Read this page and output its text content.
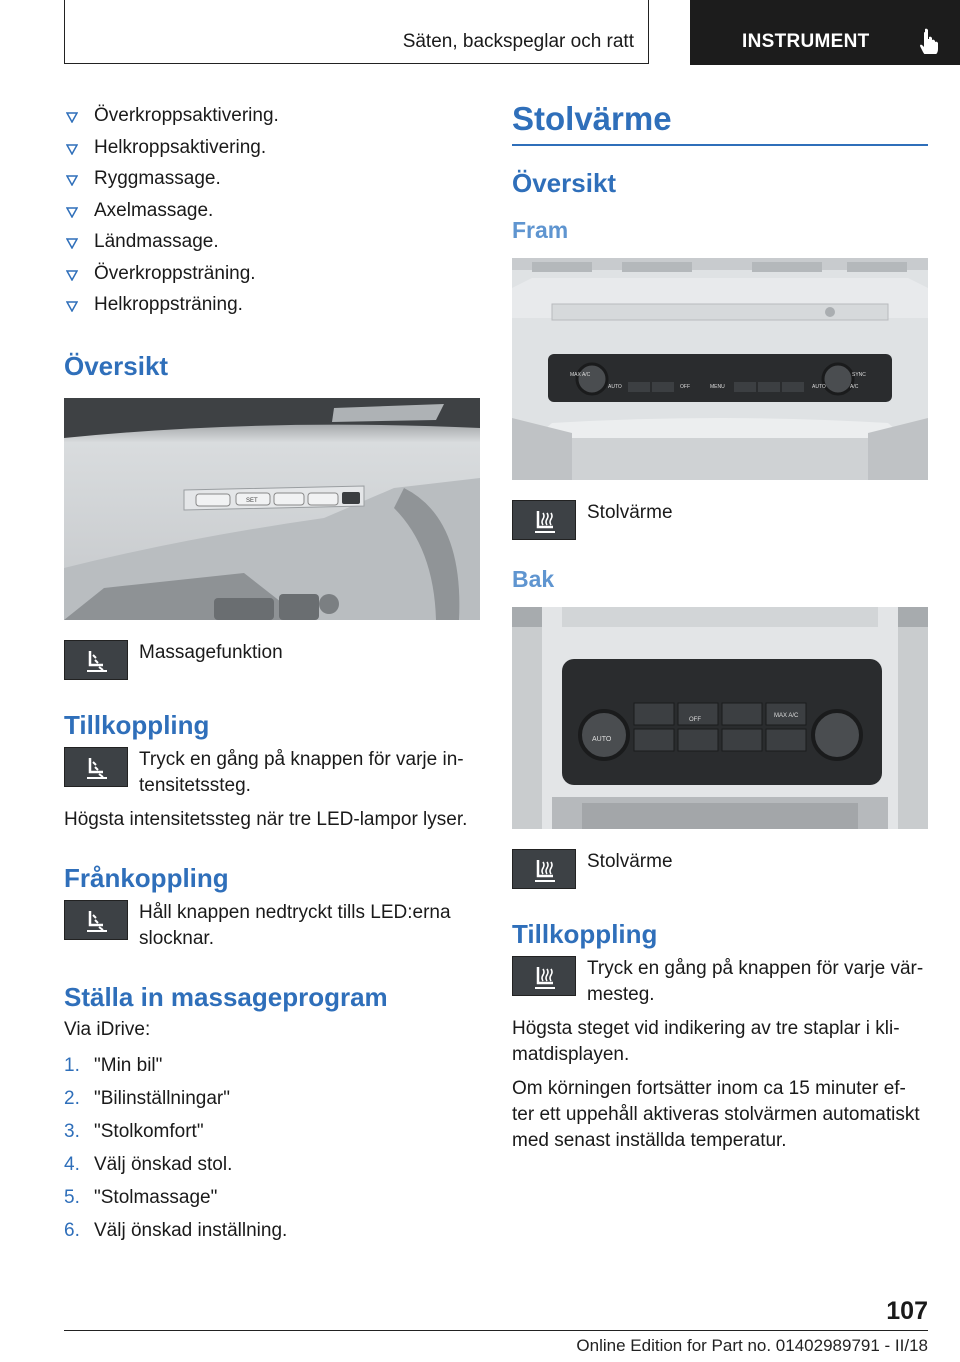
Säten, backspeglar och ratt	INSTRUMENT
Överkroppsaktivering.
Helkroppsaktivering.
Ryggmassage.
Axelmassage.
Ländmassage.
Överkroppsträning.
Helkroppsträning.
Översikt
SET
Massagefunktion
Tillkoppling
Tryck en gång på knappen för varje in-tensitetssteg.

Högsta intensitetssteg när tre LED-lampor lyser.

Frånkoppling
Håll knappen nedtryckt tills LED:erna slocknar.
Ställa in massageprogram

Via iDrive:

1. "Min bil"
2. "Bilinställningar"
3. "Stolkomfort"
4. Välj önskad stol.
5. "Stolmassage"
6. Välj önskad inställning.
Stolvärme
Översikt
Fram
MAX A/C	SYNC
AUTO	OFF	MENU	AUTO	A/C
Stolvärme
Bak
AUTO
OFF
MAX A/C
Stolvärme
Tillkoppling
Tryck en gång på knappen för varje vär-mesteg.

Högsta steget vid indikering av tre staplar i kli-matdisplayen.

Om körningen fortsätter inom ca 15 minuter ef-ter ett uppehåll aktiveras stolvärmen automatiskt med senast inställda temperatur.

107
Online Edition for Part no. 01402989791 - II/18
